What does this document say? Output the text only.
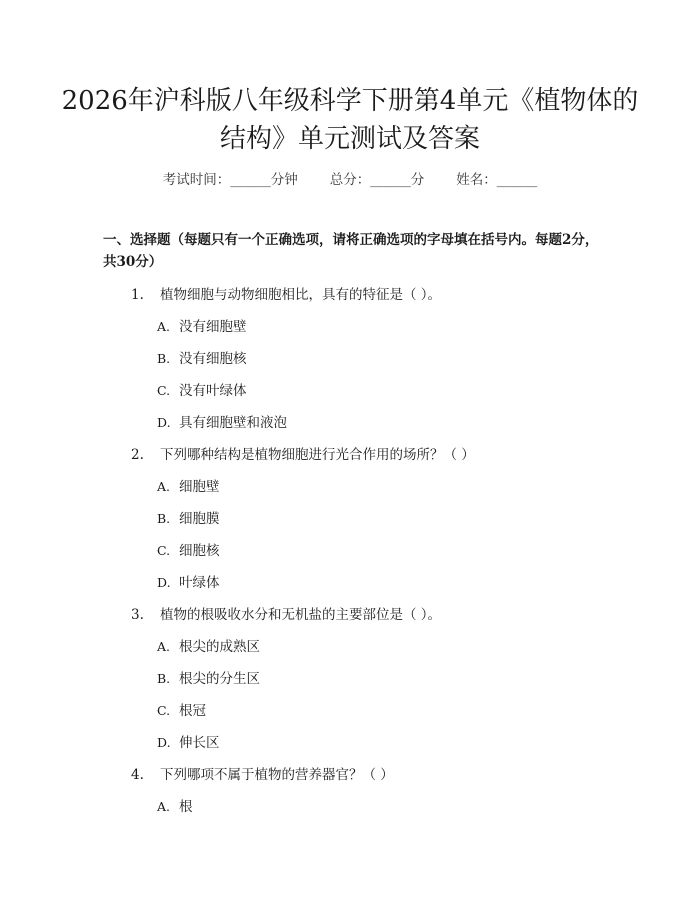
2026年沪科版八年级科学下册第4单元《植物体的结构》单元测试及答案
考试时间：______分钟 总分：______分 姓名：______

一、选择题（每题只有一个正确选项，请将正确选项的字母填在括号内。每题2分，共30分）

1. 植物细胞与动物细胞相比，具有的特征是（ ）。
A. 没有细胞壁
B. 没有细胞核
C. 没有叶绿体
D. 具有细胞壁和液泡
2. 下列哪种结构是植物细胞进行光合作用的场所？（ ）
A. 细胞壁
B. 细胞膜
C. 细胞核
D. 叶绿体
3. 植物的根吸收水分和无机盐的主要部位是（ ）。
A. 根尖的成熟区
B. 根尖的分生区
C. 根冠
D. 伸长区
4. 下列哪项不属于植物的营养器官？（ ）
A. 根
